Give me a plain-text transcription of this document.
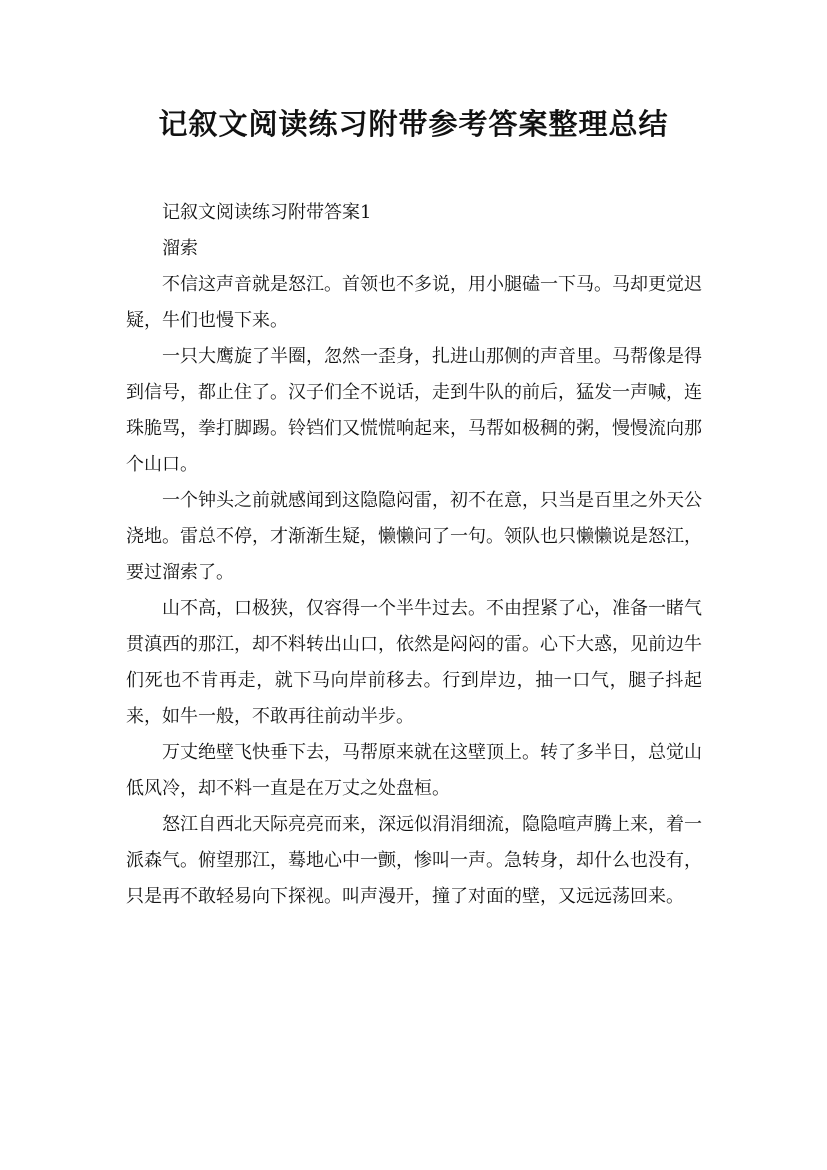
记叙文阅读练习附带参考答案整理总结

记叙文阅读练习附带答案1

溜索

不信这声音就是怒江。首领也不多说，用小腿磕一下马。马却更觉迟疑，牛们也慢下来。

一只大鹰旋了半圈，忽然一歪身，扎进山那侧的声音里。马帮像是得到信号，都止住了。汉子们全不说话，走到牛队的前后，猛发一声喊，连珠脆骂，拳打脚踢。铃铛们又慌慌响起来，马帮如极稠的粥，慢慢流向那个山口。

一个钟头之前就感闻到这隐隐闷雷，初不在意，只当是百里之外天公浇地。雷总不停，才渐渐生疑，懒懒问了一句。领队也只懒懒说是怒江，要过溜索了。

山不高，口极狭，仅容得一个半牛过去。不由捏紧了心，准备一睹气贯滇西的那江，却不料转出山口，依然是闷闷的雷。心下大惑，见前边牛们死也不肯再走，就下马向岸前移去。行到岸边，抽一口气，腿子抖起来，如牛一般，不敢再往前动半步。

万丈绝壁飞快垂下去，马帮原来就在这壁顶上。转了多半日，总觉山低风冷，却不料一直是在万丈之处盘桓。

怒江自西北天际亮亮而来，深远似涓涓细流，隐隐喧声腾上来，着一派森气。俯望那江，蓦地心中一颤，惨叫一声。急转身，却什么也没有，只是再不敢轻易向下探视。叫声漫开，撞了对面的壁，又远远荡回来。
